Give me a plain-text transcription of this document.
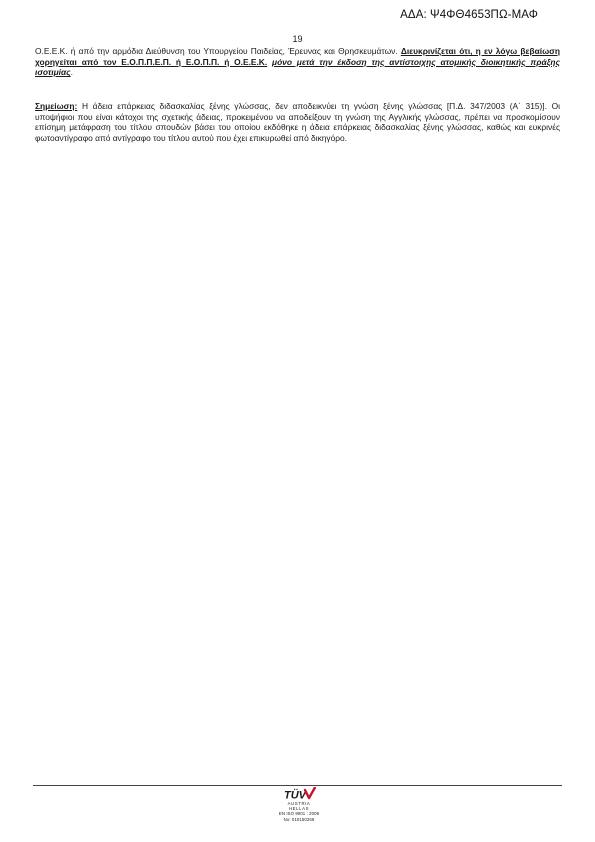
ΑΔΑ: Ψ4ΦΘ4653ΠΩ-ΜΑΦ
19
Ο.Ε.Ε.Κ. ή από την αρμόδια Διεύθυνση του Υπουργείου Παιδείας, Έρευνας και Θρησκευμάτων. Διευκρινίζεται ότι, η εν λόγω βεβαίωση χορηγείται από τον Ε.Ο.Π.Π.Ε.Π. ή Ε.Ο.Π.Π. ή Ο.Ε.Ε.Κ. μόνο μετά την έκδοση της αντίστοιχης ατομικής διοικητικής πράξης ισοτιμίας.
Σημείωση: Η άδεια επάρκειας διδασκαλίας ξένης γλώσσας, δεν αποδεικνύει τη γνώση ξένης γλώσσας [Π.Δ. 347/2003 (Α΄ 315)]. Οι υποψήφιοι που είναι κάτοχοι της σχετικής άδειας, προκειμένου να αποδείξουν τη γνώση της Αγγλικής γλώσσας, πρέπει να προσκομίσουν επίσημη μετάφραση του τίτλου σπουδών βάσει του οποίου εκδόθηκε η άδεια επάρκειας διδασκαλίας ξένης γλώσσας, καθώς και ευκρινές φωτοαντίγραφο από αντίγραφο του τίτλου αυτού που έχει επικυρωθεί από δικηγόρο.
TÜV
AUSTRIA
HELLAS
EN ISO 9001 : 2008
No: 010150269
